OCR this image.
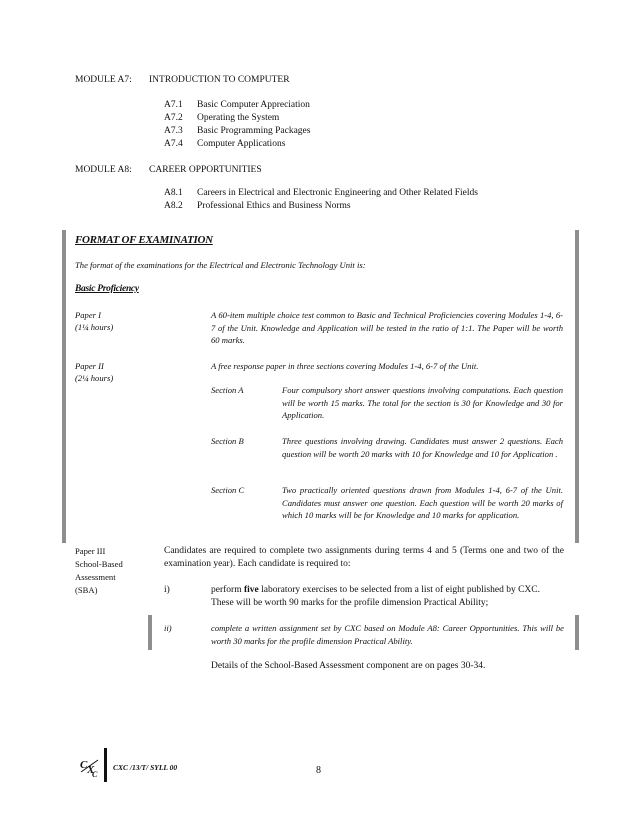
MODULE A7: INTRODUCTION TO COMPUTER
A7.1 Basic Computer Appreciation
A7.2 Operating the System
A7.3 Basic Programming Packages
A7.4 Computer Applications
MODULE A8: CAREER OPPORTUNITIES
A8.1 Careers in Electrical and Electronic Engineering and Other Related Fields
A8.2 Professional Ethics and Business Norms
FORMAT OF EXAMINATION
The format of the examinations for the Electrical and Electronic Technology Unit is:
Basic Proficiency
Paper I
(1¼ hours)
A 60-item multiple choice test common to Basic and Technical Proficiencies covering Modules 1-4, 6-7 of the Unit. Knowledge and Application will be tested in the ratio of 1:1. The Paper will be worth 60 marks.
Paper II
(2¼ hours)
A free response paper in three sections covering Modules 1-4, 6-7 of the Unit.
Section A	Four compulsory short answer questions involving computations. Each question will be worth 15 marks. The total for the section is 30 for Knowledge and 30 for Application.
Section B	Three questions involving drawing. Candidates must answer 2 questions. Each question will be worth 20 marks with 10 for Knowledge and 10 for Application .
Section C	Two practically oriented questions drawn from Modules 1-4, 6-7 of the Unit. Candidates must answer one question. Each question will be worth 20 marks of which 10 marks will be for Knowledge and 10 marks for application.
Paper III
School-Based
Assessment
(SBA)
Candidates are required to complete two assignments during terms 4 and 5 (Terms one and two of the examination year). Each candidate is required to:
i)	perform five laboratory exercises to be selected from a list of eight published by CXC. These will be worth 90 marks for the profile dimension Practical Ability;
ii)	complete a written assignment set by CXC based on Module A8: Career Opportunities. This will be worth 30 marks for the profile dimension Practical Ability.
Details of the School-Based Assessment component are on pages 30-34.
C X
C
CXC /13/T/ SYLL 00	8
